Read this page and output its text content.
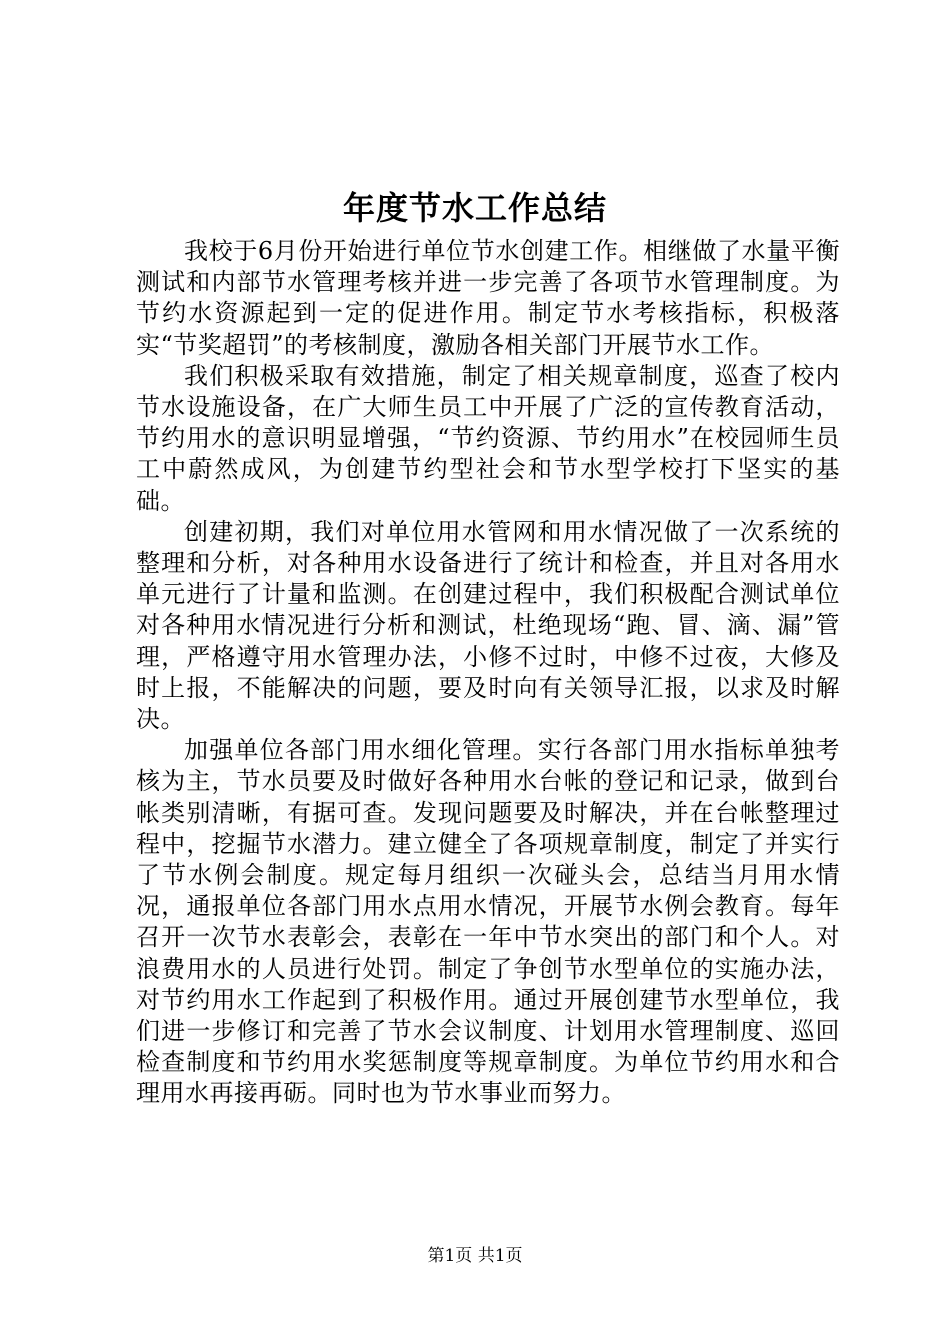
年度节水工作总结

我校于6月份开始进行单位节水创建工作。相继做了水量平衡测试和内部节水管理考核并进一步完善了各项节水管理制度。为节约水资源起到一定的促进作用。制定节水考核指标，积极落实“节奖超罚”的考核制度，激励各相关部门开展节水工作。

我们积极采取有效措施，制定了相关规章制度，巡查了校内节水设施设备，在广大师生员工中开展了广泛的宣传教育活动，节约用水的意识明显增强，“节约资源、节约用水”在校园师生员工中蔚然成风，为创建节约型社会和节水型学校打下坚实的基础。

创建初期，我们对单位用水管网和用水情况做了一次系统的整理和分析，对各种用水设备进行了统计和检查，并且对各用水单元进行了计量和监测。在创建过程中，我们积极配合测试单位对各种用水情况进行分析和测试，杜绝现场“跑、冒、滴、漏”管理，严格遵守用水管理办法，小修不过时，中修不过夜，大修及时上报，不能解决的问题，要及时向有关领导汇报，以求及时解决。

加强单位各部门用水细化管理。实行各部门用水指标单独考核为主，节水员要及时做好各种用水台帐的登记和记录，做到台帐类别清晰，有据可查。发现问题要及时解决，并在台帐整理过程中，挖掘节水潜力。建立健全了各项规章制度，制定了并实行了节水例会制度。规定每月组织一次碰头会，总结当月用水情况，通报单位各部门用水点用水情况，开展节水例会教育。每年召开一次节水表彰会，表彰在一年中节水突出的部门和个人。对浪费用水的人员进行处罚。制定了争创节水型单位的实施办法，对节约用水工作起到了积极作用。通过开展创建节水型单位，我们进一步修订和完善了节水会议制度、计划用水管理制度、巡回检查制度和节约用水奖惩制度等规章制度。为单位节约用水和合理用水再接再砺。同时也为节水事业而努力。

第1页 共1页
